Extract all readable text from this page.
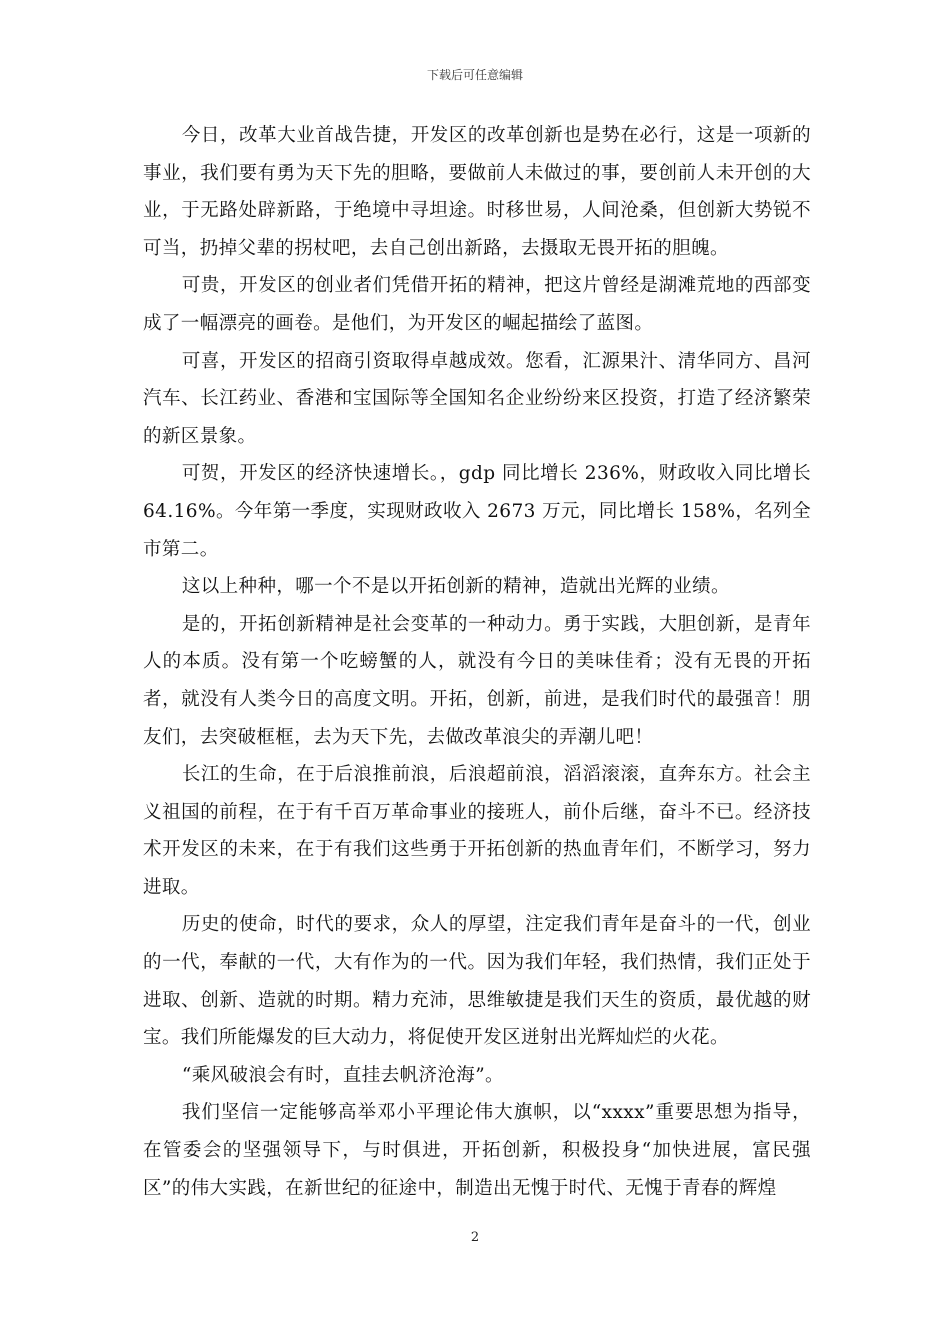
下载后可任意编辑

今日，改革大业首战告捷，开发区的改革创新也是势在必行，这是一项新的事业，我们要有勇为天下先的胆略，要做前人未做过的事，要创前人未开创的大业，于无路处辟新路，于绝境中寻坦途。时移世易，人间沧桑，但创新大势锐不可当，扔掉父辈的拐杖吧，去自己创出新路，去摄取无畏开拓的胆魄。

可贵，开发区的创业者们凭借开拓的精神，把这片曾经是湖滩荒地的西部变成了一幅漂亮的画卷。是他们，为开发区的崛起描绘了蓝图。

可喜，开发区的招商引资取得卓越成效。您看，汇源果汁、清华同方、昌河汽车、长江药业、香港和宝国际等全国知名企业纷纷来区投资，打造了经济繁荣的新区景象。

可贺，开发区的经济快速增长。，gdp 同比增长 236%，财政收入同比增长 64.16%。今年第一季度，实现财政收入 2673 万元，同比增长 158%，名列全市第二。

这以上种种，哪一个不是以开拓创新的精神，造就出光辉的业绩。

是的，开拓创新精神是社会变革的一种动力。勇于实践，大胆创新，是青年人的本质。没有第一个吃螃蟹的人，就没有今日的美味佳肴；没有无畏的开拓者，就没有人类今日的高度文明。开拓，创新，前进，是我们时代的最强音！朋友们，去突破框框，去为天下先，去做改革浪尖的弄潮儿吧！

长江的生命，在于后浪推前浪，后浪超前浪，滔滔滚滚，直奔东方。社会主义祖国的前程，在于有千百万革命事业的接班人，前仆后继，奋斗不已。经济技术开发区的未来，在于有我们这些勇于开拓创新的热血青年们，不断学习，努力进取。

历史的使命，时代的要求，众人的厚望，注定我们青年是奋斗的一代，创业的一代，奉献的一代，大有作为的一代。因为我们年轻，我们热情，我们正处于进取、创新、造就的时期。精力充沛，思维敏捷是我们天生的资质，最优越的财宝。我们所能爆发的巨大动力，将促使开发区迸射出光辉灿烂的火花。

“乘风破浪会有时，直挂去帆济沧海”。

我们坚信一定能够高举邓小平理论伟大旗帜，以“xxxx”重要思想为指导，在管委会的坚强领导下，与时俱进，开拓创新，积极投身“加快进展，富民强区”的伟大实践，在新世纪的征途中，制造出无愧于时代、无愧于青春的辉煌

2
